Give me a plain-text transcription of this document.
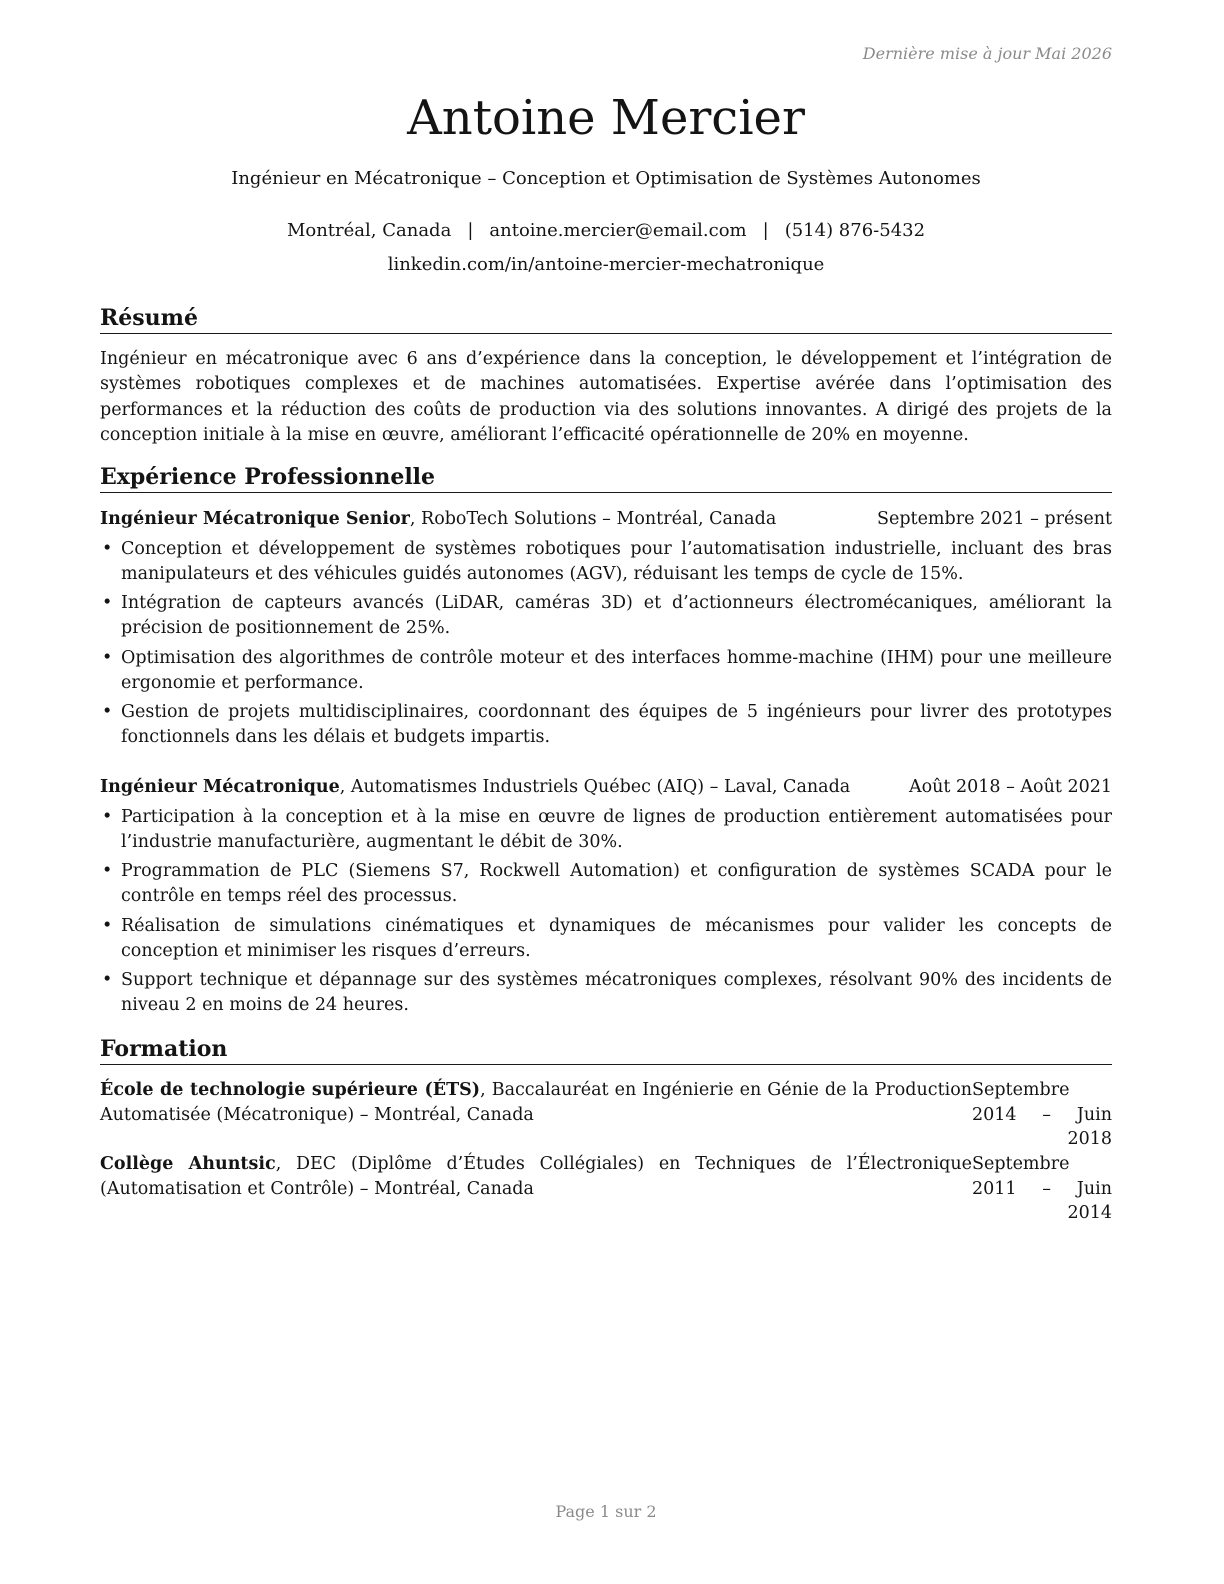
Dernière mise à jour Mai 2026
Antoine Mercier
Ingénieur en Mécatronique – Conception et Optimisation de Systèmes Autonomes
Montréal, Canada | antoine.mercier@email.com | (514) 876-5432
linkedin.com/in/antoine-mercier-mechatronique
Résumé
Ingénieur en mécatronique avec 6 ans d’expérience dans la conception, le développement et l’intégration de systèmes robotiques complexes et de machines automatisées. Expertise avérée dans l’optimisation des performances et la réduction des coûts de production via des solutions innovantes. A dirigé des projets de la conception initiale à la mise en œuvre, améliorant l’efficacité opérationnelle de 20% en moyenne.
Expérience Professionnelle
Ingénieur Mécatronique Senior, RoboTech Solutions – Montréal, Canada	Septembre 2021 – présent
• Conception et développement de systèmes robotiques pour l’automatisation industrielle, incluant des bras manipulateurs et des véhicules guidés autonomes (AGV), réduisant les temps de cycle de 15%.
• Intégration de capteurs avancés (LiDAR, caméras 3D) et d’actionneurs électromécaniques, améliorant la précision de positionnement de 25%.
• Optimisation des algorithmes de contrôle moteur et des interfaces homme-machine (IHM) pour une meilleure ergonomie et performance.
• Gestion de projets multidisciplinaires, coordonnant des équipes de 5 ingénieurs pour livrer des prototypes fonctionnels dans les délais et budgets impartis.
Ingénieur Mécatronique, Automatismes Industriels Québec (AIQ) – Laval, Canada	Août 2018 – Août 2021
• Participation à la conception et à la mise en œuvre de lignes de production entièrement automatisées pour l’industrie manufacturière, augmentant le débit de 30%.
• Programmation de PLC (Siemens S7, Rockwell Automation) et configuration de systèmes SCADA pour le contrôle en temps réel des processus.
• Réalisation de simulations cinématiques et dynamiques de mécanismes pour valider les concepts de conception et minimiser les risques d’erreurs.
• Support technique et dépannage sur des systèmes mécatroniques complexes, résolvant 90% des incidents de niveau 2 en moins de 24 heures.
Formation
École de technologie supérieure (ÉTS), Baccalauréat en Ingénierie en Génie de la Production Automatisée (Mécatronique) – Montréal, Canada
Septembre 2014 – Juin 2018
Collège Ahuntsic, DEC (Diplôme d’Études Collégiales) en Techniques de l’Électronique (Automatisation et Contrôle) – Montréal, Canada
Septembre 2011 – Juin 2014
Page 1 sur 2
